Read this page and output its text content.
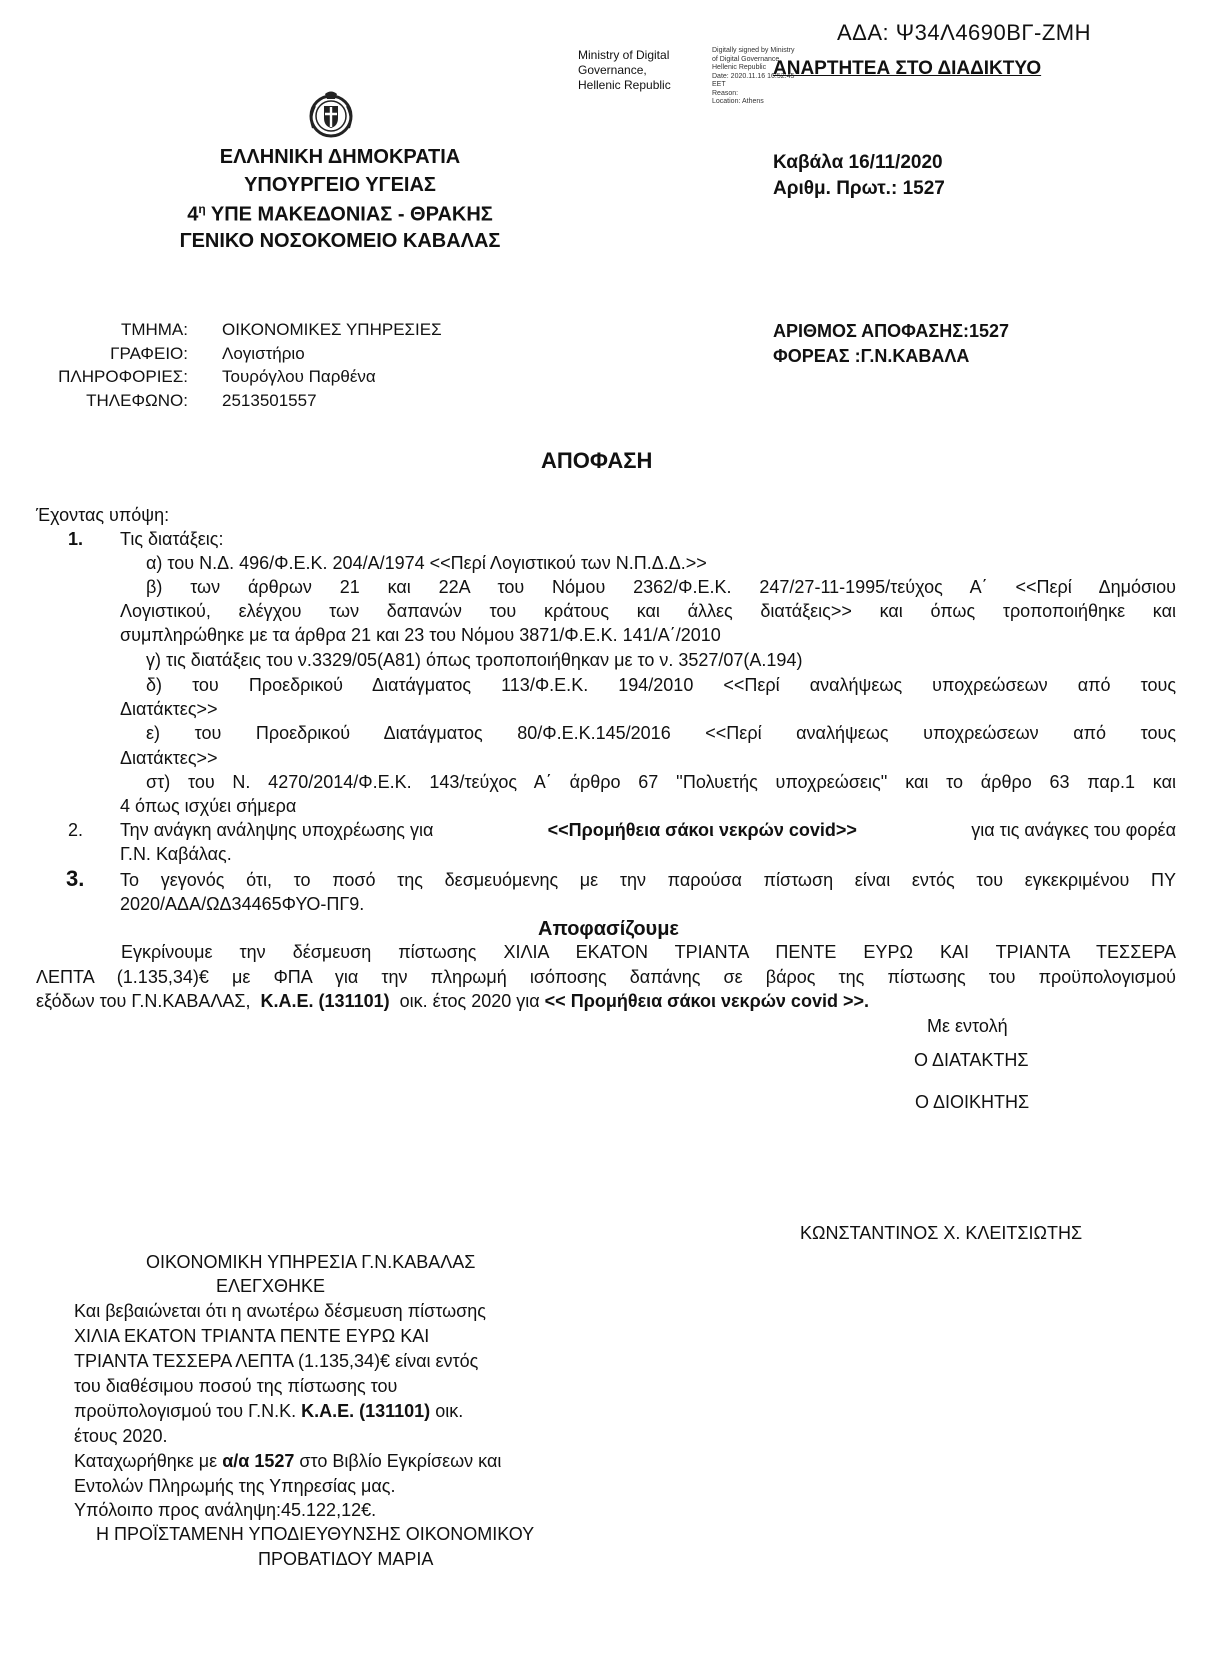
ΑΔΑ: Ψ34Λ4690ΒΓ-ΖΜΗ
Ministry of Digital
Governance,
Hellenic Republic
Digitally signed by Ministry
of Digital Governance,
Hellenic Republic
Date: 2020.11.16 16:52:45
EET
Reason:
Location: Athens
ΑΝΑΡΤΗΤΕΑ ΣΤΟ ΔΙΑΔΙΚΤΥΟ
ΕΛΛΗΝΙΚΗ ΔΗΜΟΚΡΑΤΙΑ
ΥΠΟΥΡΓΕΙΟ ΥΓΕΙΑΣ
$4^\eta$ ΥΠΕ ΜΑΚΕΔΟΝΙΑΣ - ΘΡΑΚΗΣ
ΓΕΝΙΚΟ ΝΟΣΟΚΟΜΕΙΟ ΚΑΒΑΛΑΣ
Καβάλα 16/11/2020
Αριθμ. Πρωτ.: 1527
ΤΜΗΜΑ: ΟΙΚΟΝΟΜΙΚΕΣ ΥΠΗΡΕΣΙΕΣ
ΓΡΑΦΕΙΟ: Λογιστήριο
ΠΛΗΡΟΦΟΡΙΕΣ: Τουρόγλου Παρθένα
ΤΗΛΕΦΩΝΟ: 2513501557
ΑΡΙΘΜΟΣ ΑΠΟΦΑΣΗΣ:1527
ΦΟΡΕΑΣ :Γ.Ν.ΚΑΒΑΛΑ
ΑΠΟΦΑΣΗ
Έχοντας υπόψη:
1. Τις διατάξεις:
α) του Ν.Δ. 496/Φ.Ε.Κ. 204/Α/1974 <<Περί Λογιστικού των Ν.Π.Δ.Δ.>>
β) των άρθρων 21 και 22Α του Νόμου 2362/Φ.Ε.Κ. 247/27-11-1995/τεύχος Α΄ <<Περί Δημόσιου
Λογιστικού, ελέγχου των δαπανών του κράτους και άλλες διατάξεις>> και όπως τροποποιήθηκε και
συμπληρώθηκε με τα άρθρα 21 και 23 του Νόμου 3871/Φ.Ε.Κ. 141/Α΄/2010
γ) τις διατάξεις του ν.3329/05(Α81) όπως τροποποιήθηκαν με το ν. 3527/07(Α.194)
δ) του Προεδρικού Διατάγματος 113/Φ.Ε.Κ. 194/2010 <<Περί αναλήψεως υποχρεώσεων από τους
Διατάκτες>>
ε) του Προεδρικού Διατάγματος 80/Φ.Ε.Κ.145/2016 <<Περί αναλήψεως υποχρεώσεων από τους
Διατάκτες>>
στ) του Ν. 4270/2014/Φ.Ε.Κ. 143/τεύχος Α΄ άρθρο 67 ''Πολυετής υποχρεώσεις'' και το άρθρο 63 παρ.1 και
4 όπως ισχύει σήμερα
2. Την ανάγκη ανάληψης υποχρέωσης για	<<Προμήθεια σάκοι νεκρών covid>>	για τις ανάγκες του φορέα
Γ.Ν. Καβάλας.
3. Το γεγονός ότι, το ποσό της δεσμευόμενης με την παρούσα πίστωση είναι εντός του εγκεκριμένου ΠΥ
2020/ΑΔΑ/ΩΔ34465ΦΥΟ-ΠΓ9.
Αποφασίζουμε
Εγκρίνουμε την δέσμευση πίστωσης ΧΙΛΙΑ ΕΚΑΤΟΝ ΤΡΙΑΝΤΑ ΠΕΝΤΕ ΕΥΡΩ ΚΑΙ ΤΡΙΑΝΤΑ ΤΕΣΣΕΡΑ
ΛΕΠΤΑ (1.135,34)€ με ΦΠΑ για την πληρωμή ισόποσης δαπάνης σε βάρος της πίστωσης του προϋπολογισμού
εξόδων του Γ.Ν.ΚΑΒΑΛΑΣ, Κ.Α.Ε. (131101) οικ. έτος 2020 για << Προμήθεια σάκοι νεκρών covid >>.
Με εντολή
Ο ΔΙΑΤΑΚΤΗΣ
Ο ΔΙΟΙΚΗΤΗΣ
ΚΩΝΣΤΑΝΤΙΝΟΣ Χ. ΚΛΕΙΤΣΙΩΤΗΣ
ΟΙΚΟΝΟΜΙΚΗ ΥΠΗΡΕΣΙΑ Γ.Ν.ΚΑΒΑΛΑΣ
ΕΛΕΓΧΘΗΚΕ
Και βεβαιώνεται ότι η ανωτέρω δέσμευση πίστωσης
ΧΙΛΙΑ ΕΚΑΤΟΝ ΤΡΙΑΝΤΑ ΠΕΝΤΕ ΕΥΡΩ ΚΑΙ
ΤΡΙΑΝΤΑ ΤΕΣΣΕΡΑ ΛΕΠΤΑ (1.135,34)€ είναι εντός
του διαθέσιμου ποσού της πίστωσης του
προϋπολογισμού του Γ.Ν.Κ. Κ.Α.Ε. (131101) οικ.
έτους 2020.
Καταχωρήθηκε με α/α 1527 στο Βιβλίο Εγκρίσεων και
Εντολών Πληρωμής της Υπηρεσίας μας.
Υπόλοιπο προς ανάληψη:45.122,12€.
Η ΠΡΟΪΣΤΑΜΕΝΗ ΥΠΟΔΙΕΥΘΥΝΣΗΣ ΟΙΚΟΝΟΜΙΚΟΥ
ΠΡΟΒΑΤΙΔΟΥ ΜΑΡΙΑ
